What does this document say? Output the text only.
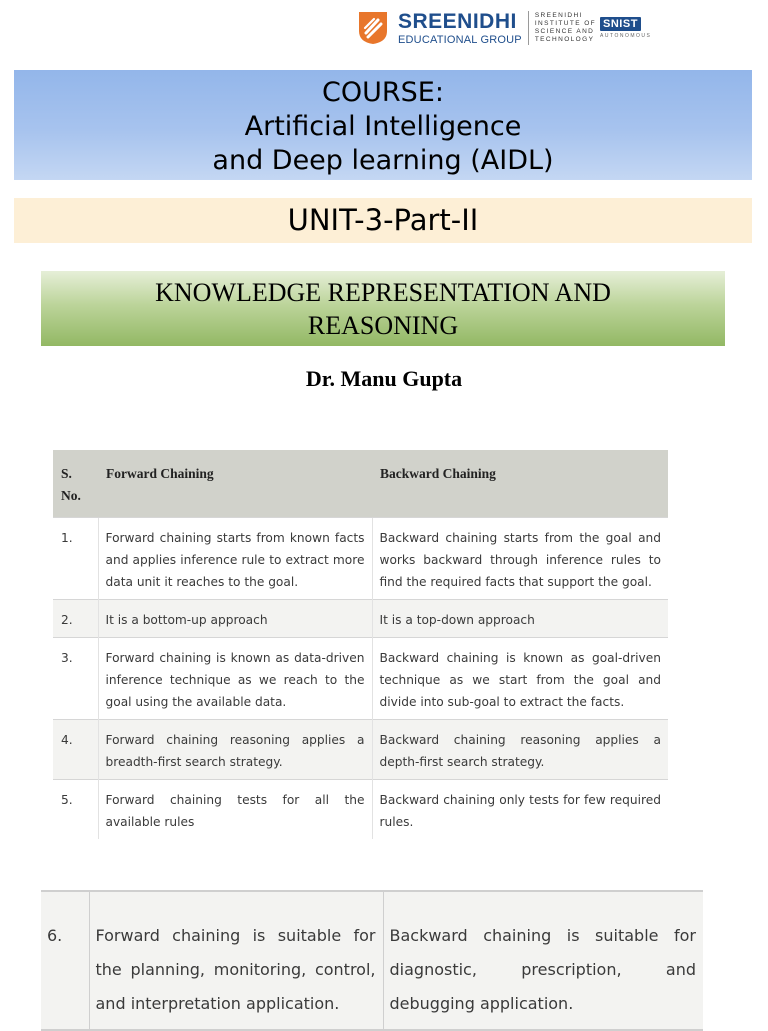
SREENIDHI
EDUCATIONAL GROUP
SREENIDHI
INSTITUTE OF
SCIENCE AND
TECHNOLOGY
SNIST
AUTONOMOUS
COURSE:
Artificial Intelligence
and Deep learning (AIDL)
UNIT-3-Part-II
KNOWLEDGE REPRESENTATION AND
REASONING
Dr. Manu Gupta
S.
No.	Forward Chaining	Backward Chaining
1.	Forward chaining starts from known facts and applies inference rule to extract more data unit it reaches to the goal.	Backward chaining starts from the goal and works backward through inference rules to find the required facts that support the goal.
2.	It is a bottom-up approach	It is a top-down approach
3.	Forward chaining is known as data-driven inference technique as we reach to the goal using the available data.	Backward chaining is known as goal-driven technique as we start from the goal and divide into sub-goal to extract the facts.
4.	Forward chaining reasoning applies a breadth-first search strategy.	Backward chaining reasoning applies a depth-first search strategy.
5.	Forward chaining tests for all the available rules	Backward chaining only tests for few required rules.
6.	Forward chaining is suitable for the planning, monitoring, control, and interpretation application.	Backward chaining is suitable for diagnostic, prescription, and debugging application.
